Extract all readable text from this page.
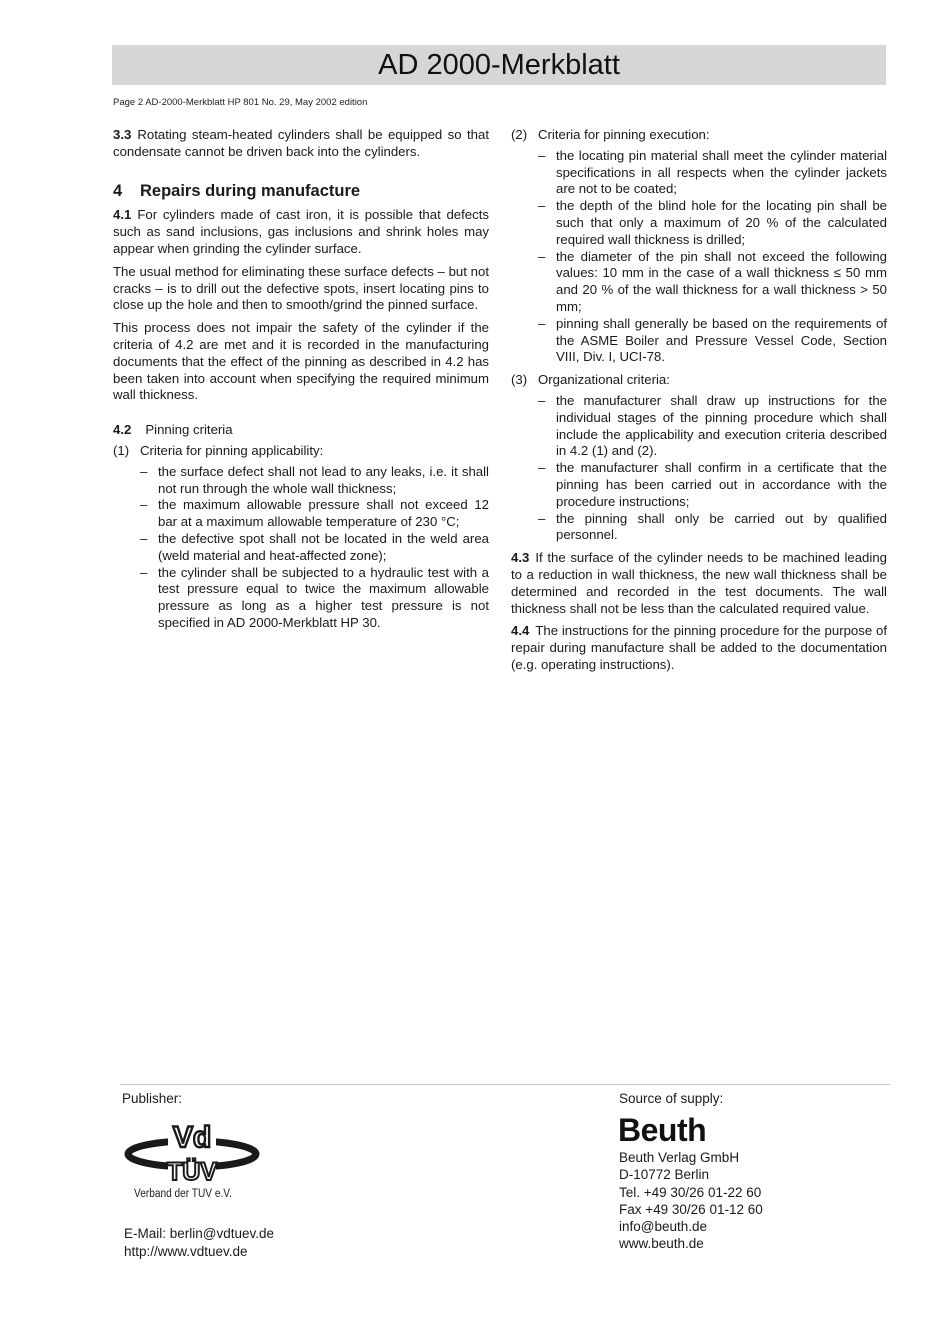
AD 2000-Merkblatt
Page 2 AD-2000-Merkblatt HP 801 No. 29, May 2002 edition

3.3 Rotating steam-heated cylinders shall be equipped so that condensate cannot be driven back into the cylinders.

4	Repairs during manufacture

4.1 For cylinders made of cast iron, it is possible that defects such as sand inclusions, gas inclusions and shrink holes may appear when grinding the cylinder surface.

The usual method for eliminating these surface defects – but not cracks – is to drill out the defective spots, insert locating pins to close up the hole and then to smooth/grind the pinned surface.

This process does not impair the safety of the cylinder if the criteria of 4.2 are met and it is recorded in the manufacturing documents that the effect of the pinning as described in 4.2 has been taken into account when specifying the required minimum wall thickness.

4.2 Pinning criteria

(1) Criteria for pinning applicability:
– the surface defect shall not lead to any leaks, i.e. it shall not run through the whole wall thickness;
– the maximum allowable pressure shall not exceed 12 bar at a maximum allowable temperature of 230 °C;
– the defective spot shall not be located in the weld area (weld material and heat-affected zone);
– the cylinder shall be subjected to a hydraulic test with a test pressure equal to twice the maximum allowable pressure as long as a higher test pressure is not specified in AD 2000-Merkblatt HP 30.
(2) Criteria for pinning execution:
– the locating pin material shall meet the cylinder material specifications in all respects when the cylinder jackets are not to be coated;
– the depth of the blind hole for the locating pin shall be such that only a maximum of 20 % of the calculated required wall thickness is drilled;
– the diameter of the pin shall not exceed the following values: 10 mm in the case of a wall thickness ≤ 50 mm and 20 % of the wall thickness for a wall thickness > 50 mm;
– pinning shall generally be based on the requirements of the ASME Boiler and Pressure Vessel Code, Section VIII, Div. I, UCI-78.
(3) Organizational criteria:
– the manufacturer shall draw up instructions for the individual stages of the pinning procedure which shall include the applicability and execution criteria described in 4.2 (1) and (2).
– the manufacturer shall confirm in a certificate that the pinning has been carried out in accordance with the procedure instructions;
– the pinning shall only be carried out by qualified personnel.

4.3 If the surface of the cylinder needs to be machined leading to a reduction in wall thickness, the new wall thickness shall be determined and recorded in the test documents. The wall thickness shall not be less than the calculated required value.

4.4 The instructions for the pinning procedure for the purpose of repair during manufacture shall be added to the documentation (e.g. operating instructions).

Publisher:
Vd
TÜV
Verband der TÜV e.V.
E-Mail: berlin@vdtuev.de
http://www.vdtuev.de
Source of supply:
Beuth
Beuth Verlag GmbH
D-10772 Berlin
Tel. +49 30/26 01-22 60
Fax +49 30/26 01-12 60
info@beuth.de
www.beuth.de
